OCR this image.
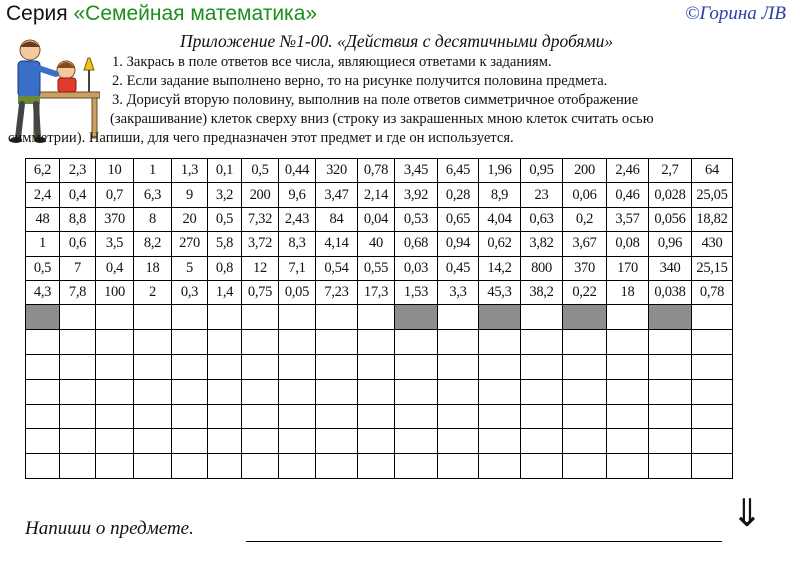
Серия «Семейная математика»	©Горина ЛВ
Приложение №1-00. «Действия с десятичными дробями»

1. Закрась в поле ответов все числа, являющиеся ответами к заданиям.

2. Если задание выполнено верно, то на рисунке получится половина предмета.

3. Дорисуй вторую половину, выполнив на поле ответов симметричное отображение

(закрашивание) клеток сверху вниз (строку из закрашенных мною клеток считать осью

симметрии). Напиши, для чего предназначен этот предмет и где он используется.

6,2	2,3	10	1	1,3	0,1	0,5	0,44	320	0,78	3,45	6,45	1,96	0,95	200	2,46	2,7	64
2,4	0,4	0,7	6,3	9	3,2	200	9,6	3,47	2,14	3,92	0,28	8,9	23	0,06	0,46	0,028	25,05
48	8,8	370	8	20	0,5	7,32	2,43	84	0,04	0,53	0,65	4,04	0,63	0,2	3,57	0,056	18,82
1	0,6	3,5	8,2	270	5,8	3,72	8,3	4,14	40	0,68	0,94	0,62	3,82	3,67	0,08	0,96	430
0,5	7	0,4	18	5	0,8	12	7,1	0,54	0,55	0,03	0,45	14,2	800	370	170	340	25,15
4,3	7,8	100	2	0,3	1,4	0,75	0,05	7,23	17,3	1,53	3,3	45,3	38,2	0,22	18	0,038	0,78

Напиши о предмете.	⇓
